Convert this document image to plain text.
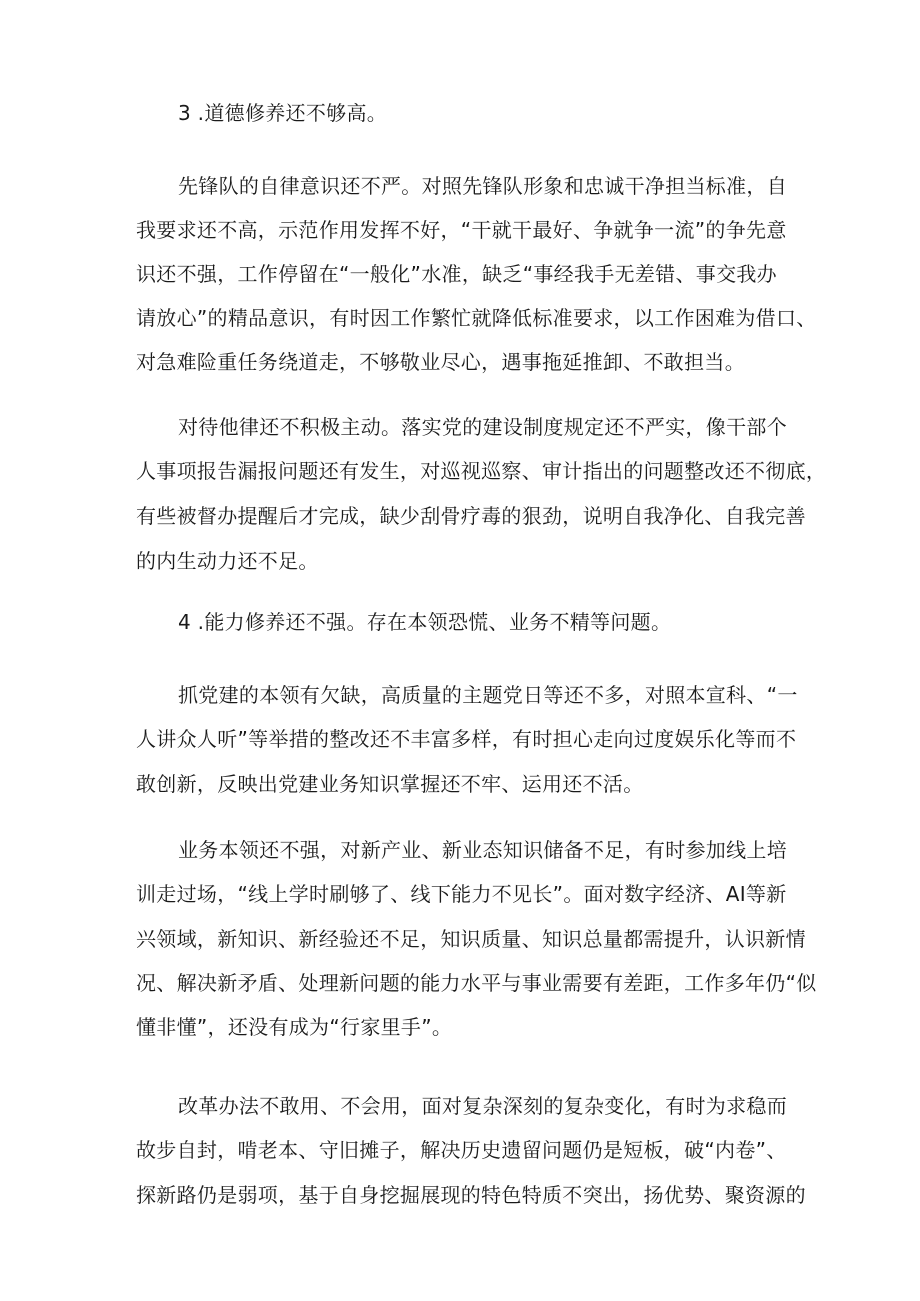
3 .道德修养还不够高。
先锋队的自律意识还不严。对照先锋队形象和忠诚干净担当标准，自
我要求还不高，示范作用发挥不好，“干就干最好、争就争一流”的争先意
识还不强，工作停留在“一般化”水准，缺乏“事经我手无差错、事交我办
请放心”的精品意识，有时因工作繁忙就降低标准要求，以工作困难为借口、
对急难险重任务绕道走，不够敬业尽心，遇事拖延推卸、不敢担当。
对待他律还不积极主动。落实党的建设制度规定还不严实，像干部个
人事项报告漏报问题还有发生，对巡视巡察、审计指出的问题整改还不彻底，
有些被督办提醒后才完成，缺少刮骨疗毒的狠劲，说明自我净化、自我完善
的内生动力还不足。
4 .能力修养还不强。存在本领恐慌、业务不精等问题。
抓党建的本领有欠缺，高质量的主题党日等还不多，对照本宣科、“一
人讲众人听”等举措的整改还不丰富多样，有时担心走向过度娱乐化等而不
敢创新，反映出党建业务知识掌握还不牢、运用还不活。
业务本领还不强，对新产业、新业态知识储备不足，有时参加线上培
训走过场，“线上学时刷够了、线下能力不见长”。面对数字经济、AI等新
兴领域，新知识、新经验还不足，知识质量、知识总量都需提升，认识新情
况、解决新矛盾、处理新问题的能力水平与事业需要有差距，工作多年仍“似
懂非懂”，还没有成为“行家里手”。
改革办法不敢用、不会用，面对复杂深刻的复杂变化，有时为求稳而
故步自封，啃老本、守旧摊子，解决历史遗留问题仍是短板，破“内卷”、
探新路仍是弱项，基于自身挖掘展现的特色特质不突出，扬优势、聚资源的
